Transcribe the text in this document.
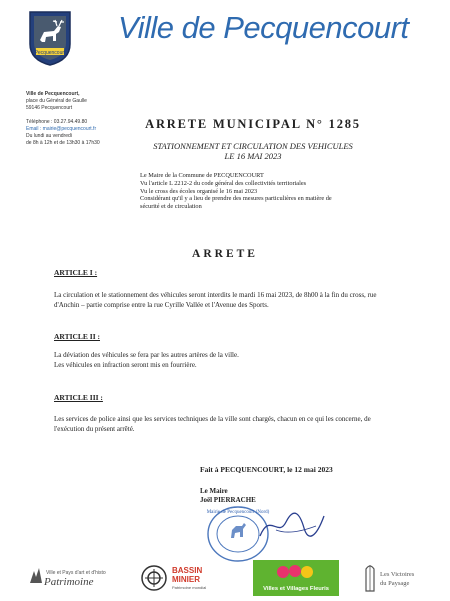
Pecquencourt
Ville de Pecquencourt
Ville de Pecquencourt,
place du Général de Gaulle
59146 Pecquencourt
Téléphone : 03.27.94.49.80
Email : mairie@pecquencourt.fr
Du lundi au vendredi
de 8h à 12h et de 13h30 à 17h30
ARRETE MUNICIPAL N° 1285
STATIONNEMENT ET CIRCULATION DES VEHICULES
LE 16 MAI 2023
Le Maire de la Commune de PECQUENCOURT
Vu l'article L 2212-2 du code général des collectivités territoriales
Vu le cross des écoles organisé le 16 mai 2023
Considérant qu'il y a lieu de prendre des mesures particulières en matière de
sécurité et de circulation
ARRETE
ARTICLE I :
La circulation et le stationnement des véhicules seront interdits le mardi 16 mai 2023, de 8h00 à la fin du cross, rue d'Anchin – partie comprise entre la rue Cyrille Vallée et l'Avenue des Sports.
ARTICLE II :
La déviation des véhicules se fera par les autres artères de la ville.
Les véhicules en infraction seront mis en fourrière.
ARTICLE III :
Les services de police ainsi que les services techniques de la ville sont chargés, chacun en ce qui les concerne, de l'exécution du présent arrêté.
Fait à PECQUENCOURT, le 12 mai 2023
Le Maire
Joël PIERRACHE
Mairie de Pecquencourt (Nord)
Ville et Pays d'art et d'histoire
Patrimoine
BASSIN
MINIER
Patrimoine mondial	Villes et Villages Fleuris
Les Victoires
du Paysage
